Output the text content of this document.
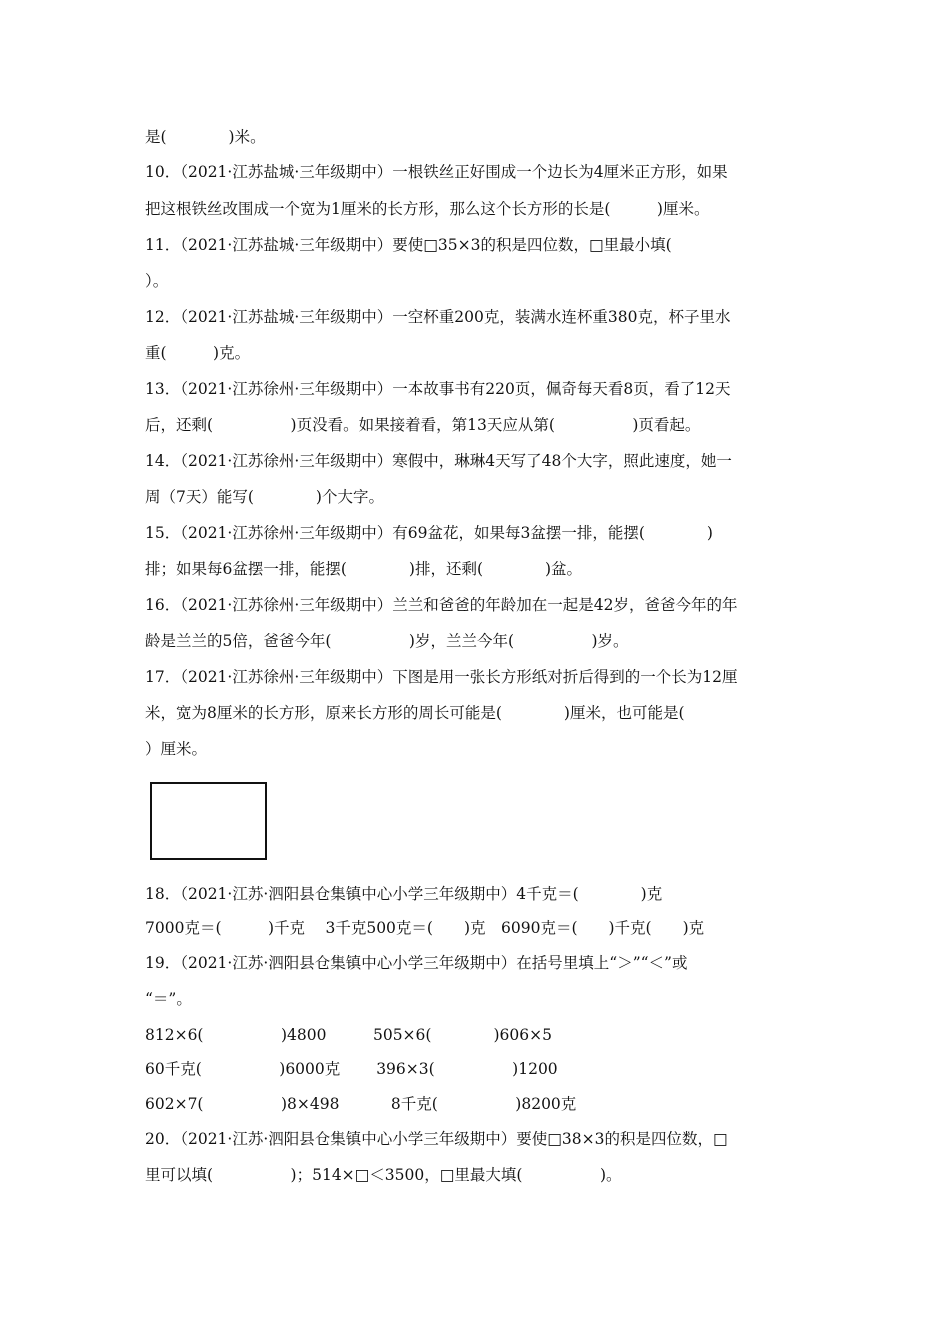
是(　　　　)米。
10．（2021·江苏盐城·三年级期中）一根铁丝正好围成一个边长为4厘米正方形，如果
把这根铁丝改围成一个宽为1厘米的长方形，那么这个长方形的长是(　　　)厘米。
11．（2021·江苏盐城·三年级期中）要使□35×3的积是四位数，□里最小填(
）。
12．（2021·江苏盐城·三年级期中）一空杯重200克，装满水连杯重380克，杯子里水
重(　　　)克。
13．（2021·江苏徐州·三年级期中）一本故事书有220页，佩奇每天看8页，看了12天
后，还剩(　　　　　)页没看。如果接着看，第13天应从第(　　　　　)页看起。
14．（2021·江苏徐州·三年级期中）寒假中，琳琳4天写了48个大字，照此速度，她一
周（7天）能写(　　　　)个大字。
15．（2021·江苏徐州·三年级期中）有69盆花，如果每3盆摆一排，能摆(　　　　)
排；如果每6盆摆一排，能摆(　　　　)排，还剩(　　　　)盆。
16．（2021·江苏徐州·三年级期中）兰兰和爸爸的年龄加在一起是42岁，爸爸今年的年
龄是兰兰的5倍，爸爸今年(　　　　　)岁，兰兰今年(　　　　　)岁。
17．（2021·江苏徐州·三年级期中）下图是用一张长方形纸对折后得到的一个长为12厘
米，宽为8厘米的长方形，原来长方形的周长可能是(　　　　)厘米，也可能是(
）厘米。
18．（2021·江苏·泗阳县仓集镇中心小学三年级期中）4千克＝(　　　　)克
7000克＝(　　　)千克　 3千克500克＝(　　)克　6090克＝(　　)千克(　　)克
19．（2021·江苏·泗阳县仓集镇中心小学三年级期中）在括号里填上“＞”“＜”或
“＝”。
812×6(　　　　　)4800　　　505×6(　　　　)606×5
60千克(　　　　　)6000克　　 396×3(　　　　　)1200
602×7(　　　　　)8×498　　　 8千克(　　　　　)8200克
20．（2021·江苏·泗阳县仓集镇中心小学三年级期中）要使□38×3的积是四位数，□
里可以填(　　　　　)；514×□＜3500，□里最大填(　　　　　)。
